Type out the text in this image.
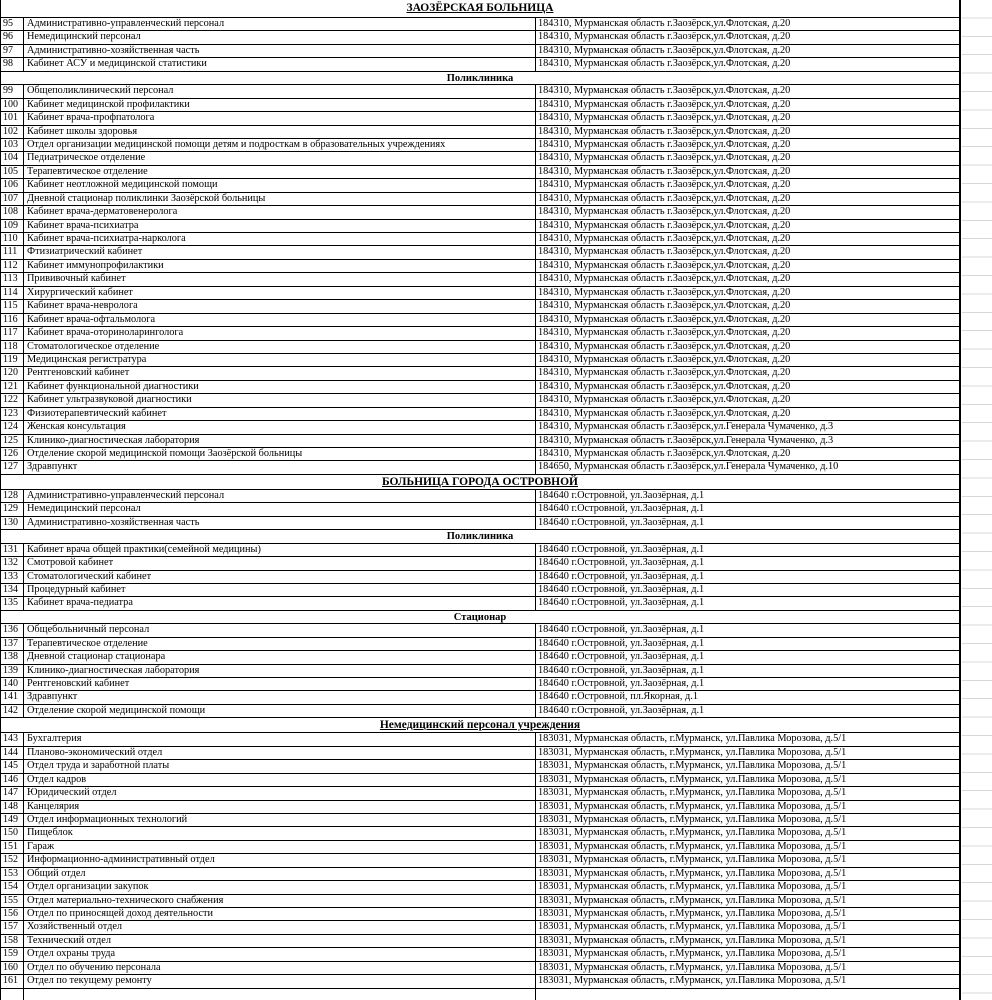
ЗАОЗЁРСКАЯ БОЛЬНИЦА
95	Административно-управленческий персонал	184310, Мурманская область г.Заозёрск,ул.Флотская, д.20
96	Немедицинский персонал	184310, Мурманская область г.Заозёрск,ул.Флотская, д.20
97	Административно-хозяйственная часть	184310, Мурманская область г.Заозёрск,ул.Флотская, д.20
98	Кабинет АСУ и медицинской статистики	184310, Мурманская область г.Заозёрск,ул.Флотская, д.20
Поликлиника
99	Общеполиклинический персонал	184310, Мурманская область г.Заозёрск,ул.Флотская, д.20
100 Кабинет медицинской профилактики	184310, Мурманская область г.Заозёрск,ул.Флотская, д.20
101 Кабинет врача-профпатолога	184310, Мурманская область г.Заозёрск,ул.Флотская, д.20
102 Кабинет школы здоровья	184310, Мурманская область г.Заозёрск,ул.Флотская, д.20
103 Отдел организации медицинской помощи детям и подросткам в образовательных учреждениях	184310, Мурманская область г.Заозёрск,ул.Флотская, д.20
104 Педиатрическое отделение	184310, Мурманская область г.Заозёрск,ул.Флотская, д.20
105 Терапевтическое отделение	184310, Мурманская область г.Заозёрск,ул.Флотская, д.20
106 Кабинет неотложной медицинской помощи	184310, Мурманская область г.Заозёрск,ул.Флотская, д.20
107 Дневной стационар поликлинки Заозёрской больницы	184310, Мурманская область г.Заозёрск,ул.Флотская, д.20
108 Кабинет врача-дерматовенеролога	184310, Мурманская область г.Заозёрск,ул.Флотская, д.20
109 Кабинет врача-психиатра	184310, Мурманская область г.Заозёрск,ул.Флотская, д.20
110 Кабинет врача-психиатра-нарколога	184310, Мурманская область г.Заозёрск,ул.Флотская, д.20
111 Фтизиатрический кабинет	184310, Мурманская область г.Заозёрск,ул.Флотская, д.20
112 Кабинет иммунопрофилактики	184310, Мурманская область г.Заозёрск,ул.Флотская, д.20
113 Прививочный кабинет	184310, Мурманская область г.Заозёрск,ул.Флотская, д.20
114 Хирургический кабинет	184310, Мурманская область г.Заозёрск,ул.Флотская, д.20
115 Кабинет врача-невролога	184310, Мурманская область г.Заозёрск,ул.Флотская, д.20
116 Кабинет врача-офтальмолога	184310, Мурманская область г.Заозёрск,ул.Флотская, д.20
117 Кабинет врача-оториноларинголога	184310, Мурманская область г.Заозёрск,ул.Флотская, д.20
118 Стоматологическое отделение	184310, Мурманская область г.Заозёрск,ул.Флотская, д.20
119 Медицинская регистратура	184310, Мурманская область г.Заозёрск,ул.Флотская, д.20
120 Рентгеновский кабинет	184310, Мурманская область г.Заозёрск,ул.Флотская, д.20
121 Кабинет функциональной диагностики	184310, Мурманская область г.Заозёрск,ул.Флотская, д.20
122 Кабинет ультразвуковой диагностики	184310, Мурманская область г.Заозёрск,ул.Флотская, д.20
123 Физиотерапевтический кабинет	184310, Мурманская область г.Заозёрск,ул.Флотская, д.20
124 Женская консультация	184310, Мурманская область г.Заозёрск,ул.Генерала Чумаченко, д.3
125 Клинико-диагностическая лаборатория	184310, Мурманская область г.Заозёрск,ул.Генерала Чумаченко, д.3
126 Отделение скорой медицинской помощи Заозёрской больницы	184310, Мурманская область г.Заозёрск,ул.Флотская, д.20
127 Здравпункт	184650, Мурманская область г.Заозёрск,ул.Генерала Чумаченко, д.10
БОЛЬНИЦА ГОРОДА ОСТРОВНОЙ
128 Административно-управленческий персонал	184640 г.Островной, ул.Заозёрная, д.1
129 Немедицинский персонал	184640 г.Островной, ул.Заозёрная, д.1
130 Административно-хозяйственная часть	184640 г.Островной, ул.Заозёрная, д.1
Поликлиника
131 Кабинет врача общей практики(семейной медицины)	184640 г.Островной, ул.Заозёрная, д.1
132 Смотровой кабинет	184640 г.Островной, ул.Заозёрная, д.1
133 Стоматологический кабинет	184640 г.Островной, ул.Заозёрная, д.1
134 Процедурный кабинет	184640 г.Островной, ул.Заозёрная, д.1
135 Кабинет врача-педиатра	184640 г.Островной, ул.Заозёрная, д.1
Стационар
136 Общебольничный персонал	184640 г.Островной, ул.Заозёрная, д.1
137 Терапевтическое отделение	184640 г.Островной, ул.Заозёрная, д.1
138 Дневной стационар стационара	184640 г.Островной, ул.Заозёрная, д.1
139 Клинико-диагностическая лаборатория	184640 г.Островной, ул.Заозёрная, д.1
140 Рентгеновский кабинет	184640 г.Островной, ул.Заозёрная, д.1
141 Здравпункт	184640 г.Островной, пл.Якорная, д.1
142 Отделение скорой медицинской помощи	184640 г.Островной, ул.Заозёрная, д.1
Немедицинский персонал учреждения
143 Бухгалтерия	183031, Мурманская область, г.Мурманск, ул.Павлика Морозова, д.5/1
144 Планово-экономический отдел	183031, Мурманская область, г.Мурманск, ул.Павлика Морозова, д.5/1
145 Отдел труда и заработной платы	183031, Мурманская область, г.Мурманск, ул.Павлика Морозова, д.5/1
146 Отдел кадров	183031, Мурманская область, г.Мурманск, ул.Павлика Морозова, д.5/1
147 Юридический отдел	183031, Мурманская область, г.Мурманск, ул.Павлика Морозова, д.5/1
148 Канцелярия	183031, Мурманская область, г.Мурманск, ул.Павлика Морозова, д.5/1
149 Отдел информационных технологий	183031, Мурманская область, г.Мурманск, ул.Павлика Морозова, д.5/1
150 Пищеблок	183031, Мурманская область, г.Мурманск, ул.Павлика Морозова, д.5/1
151 Гараж	183031, Мурманская область, г.Мурманск, ул.Павлика Морозова, д.5/1
152 Информационно-административный отдел	183031, Мурманская область, г.Мурманск, ул.Павлика Морозова, д.5/1
153 Общий отдел	183031, Мурманская область, г.Мурманск, ул.Павлика Морозова, д.5/1
154 Отдел организации закупок	183031, Мурманская область, г.Мурманск, ул.Павлика Морозова, д.5/1
155 Отдел материально-технического снабжения	183031, Мурманская область, г.Мурманск, ул.Павлика Морозова, д.5/1
156 Отдел по приносящей доход деятельности	183031, Мурманская область, г.Мурманск, ул.Павлика Морозова, д.5/1
157 Хозяйственный отдел	183031, Мурманская область, г.Мурманск, ул.Павлика Морозова, д.5/1
158 Технический отдел	183031, Мурманская область, г.Мурманск, ул.Павлика Морозова, д.5/1
159 Отдел охраны труда	183031, Мурманская область, г.Мурманск, ул.Павлика Морозова, д.5/1
160 Отдел по обучению персонала	183031, Мурманская область, г.Мурманск, ул.Павлика Морозова, д.5/1
161 Отдел по текущему ремонту	183031, Мурманская область, г.Мурманск, ул.Павлика Морозова, д.5/1
